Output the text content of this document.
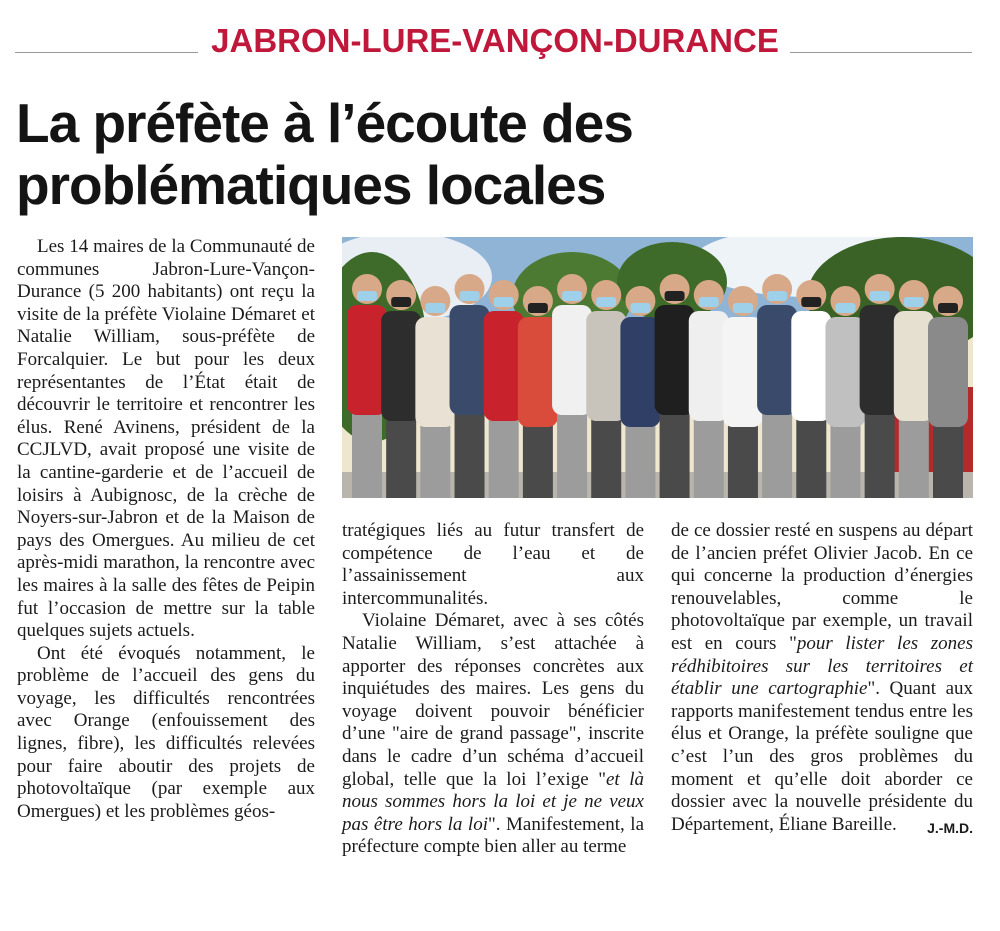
JABRON-LURE-VANÇON-DURANCE
La préfète à l’écoute des
problématiques locales

Les 14 maires de la Communauté de communes Jabron-Lure-Vançon-Durance (5 200 habitants) ont reçu la visite de la préfète Violaine Démaret et Natalie William, sous-préfète de Forcalquier. Le but pour les deux représentantes de l’État était de découvrir le territoire et rencontrer les élus. René Avinens, président de la CCJLVD, avait proposé une visite de la cantine-garderie et de l’accueil de loisirs à Aubignosc, de la crèche de Noyers-sur-Jabron et de la Maison de pays des Omergues. Au milieu de cet après-midi marathon, la rencontre avec les maires à la salle des fêtes de Peipin fut l’occasion de mettre sur la table quelques sujets actuels.

Ont été évoqués notamment, le problème de l’accueil des gens du voyage, les difficultés rencontrées avec Orange (enfouissement des lignes, fibre), les difficultés relevées pour faire aboutir des projets de photovoltaïque (par exemple aux Omergues) et les problèmes géos-

tratégiques liés au futur transfert de compétence de l’eau et de l’assainissement aux intercommunalités.

Violaine Démaret, avec à ses côtés Natalie William, s’est attachée à apporter des réponses concrètes aux inquiétudes des maires. Les gens du voyage doivent pouvoir bénéficier d’une "aire de grand passage", inscrite dans le cadre d’un schéma d’accueil global, telle que la loi l’exige "et là nous sommes hors la loi et je ne veux pas être hors la loi". Manifestement, la préfecture compte bien aller au terme

de ce dossier resté en suspens au départ de l’ancien préfet Olivier Jacob. En ce qui concerne la production d’énergies renouvelables, comme le photovoltaïque par exemple, un travail est en cours "pour lister les zones rédhibitoires sur les territoires et établir une cartographie". Quant aux rapports manifestement tendus entre les élus et Orange, la préfète souligne que c’est l’un des gros problèmes du moment et qu’elle doit aborder ce dossier avec la nouvelle présidente du Département, Éliane Bareille. J.-M.D.
